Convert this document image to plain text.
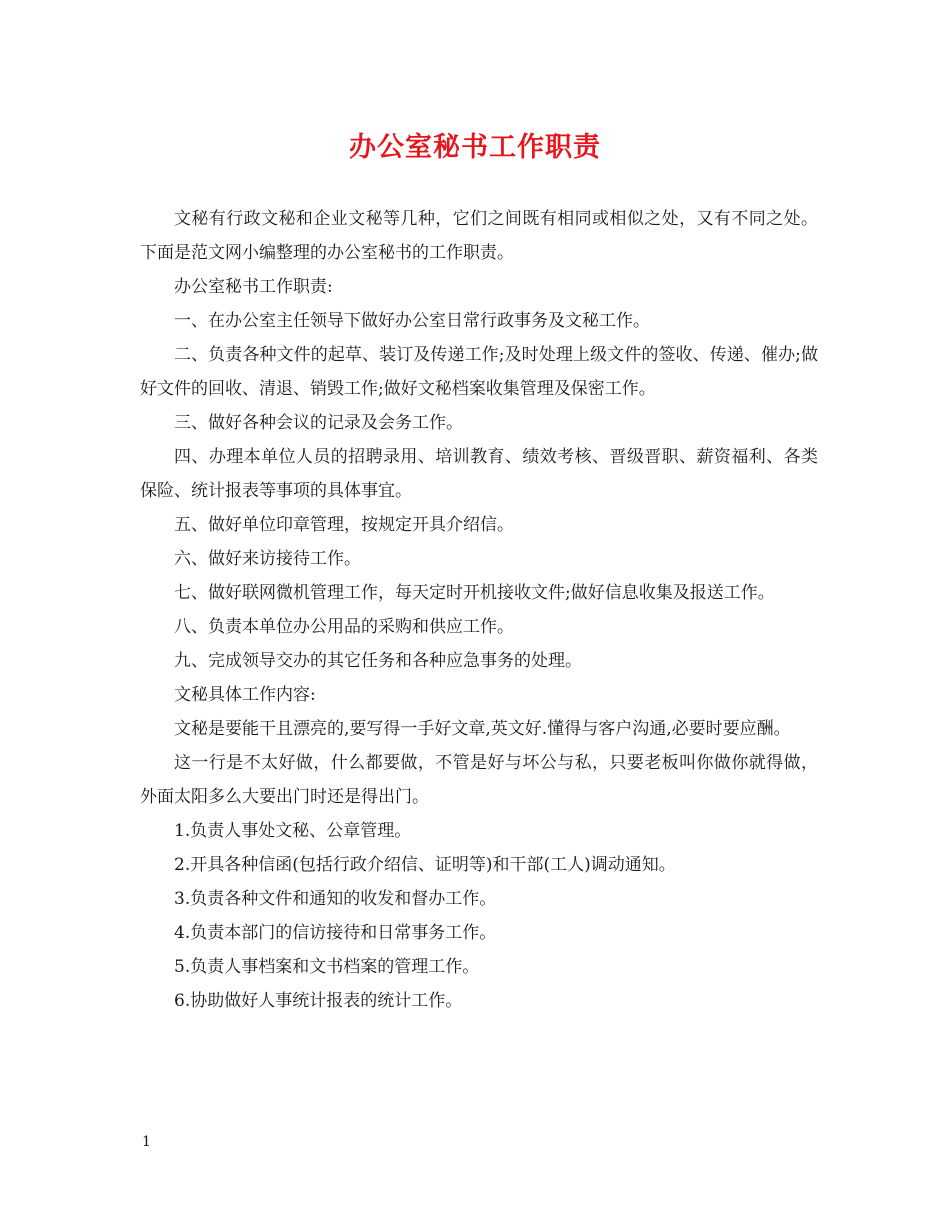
办公室秘书工作职责

文秘有行政文秘和企业文秘等几种，它们之间既有相同或相似之处，又有不同之处。下面是范文网小编整理的办公室秘书的工作职责。

办公室秘书工作职责:

一、在办公室主任领导下做好办公室日常行政事务及文秘工作。

二、负责各种文件的起草、装订及传递工作;及时处理上级文件的签收、传递、催办;做好文件的回收、清退、销毁工作;做好文秘档案收集管理及保密工作。

三、做好各种会议的记录及会务工作。

四、办理本单位人员的招聘录用、培训教育、绩效考核、晋级晋职、薪资福利、各类保险、统计报表等事项的具体事宜。

五、做好单位印章管理，按规定开具介绍信。

六、做好来访接待工作。

七、做好联网微机管理工作，每天定时开机接收文件;做好信息收集及报送工作。

八、负责本单位办公用品的采购和供应工作。

九、完成领导交办的其它任务和各种应急事务的处理。

文秘具体工作内容:

文秘是要能干且漂亮的,要写得一手好文章,英文好.懂得与客户沟通,必要时要应酬。

这一行是不太好做，什么都要做，不管是好与坏公与私，只要老板叫你做你就得做，外面太阳多么大要出门时还是得出门。

1.负责人事处文秘、公章管理。

2.开具各种信函(包括行政介绍信、证明等)和干部(工人)调动通知。

3.负责各种文件和通知的收发和督办工作。

4.负责本部门的信访接待和日常事务工作。

5.负责人事档案和文书档案的管理工作。

6.协助做好人事统计报表的统计工作。

1
